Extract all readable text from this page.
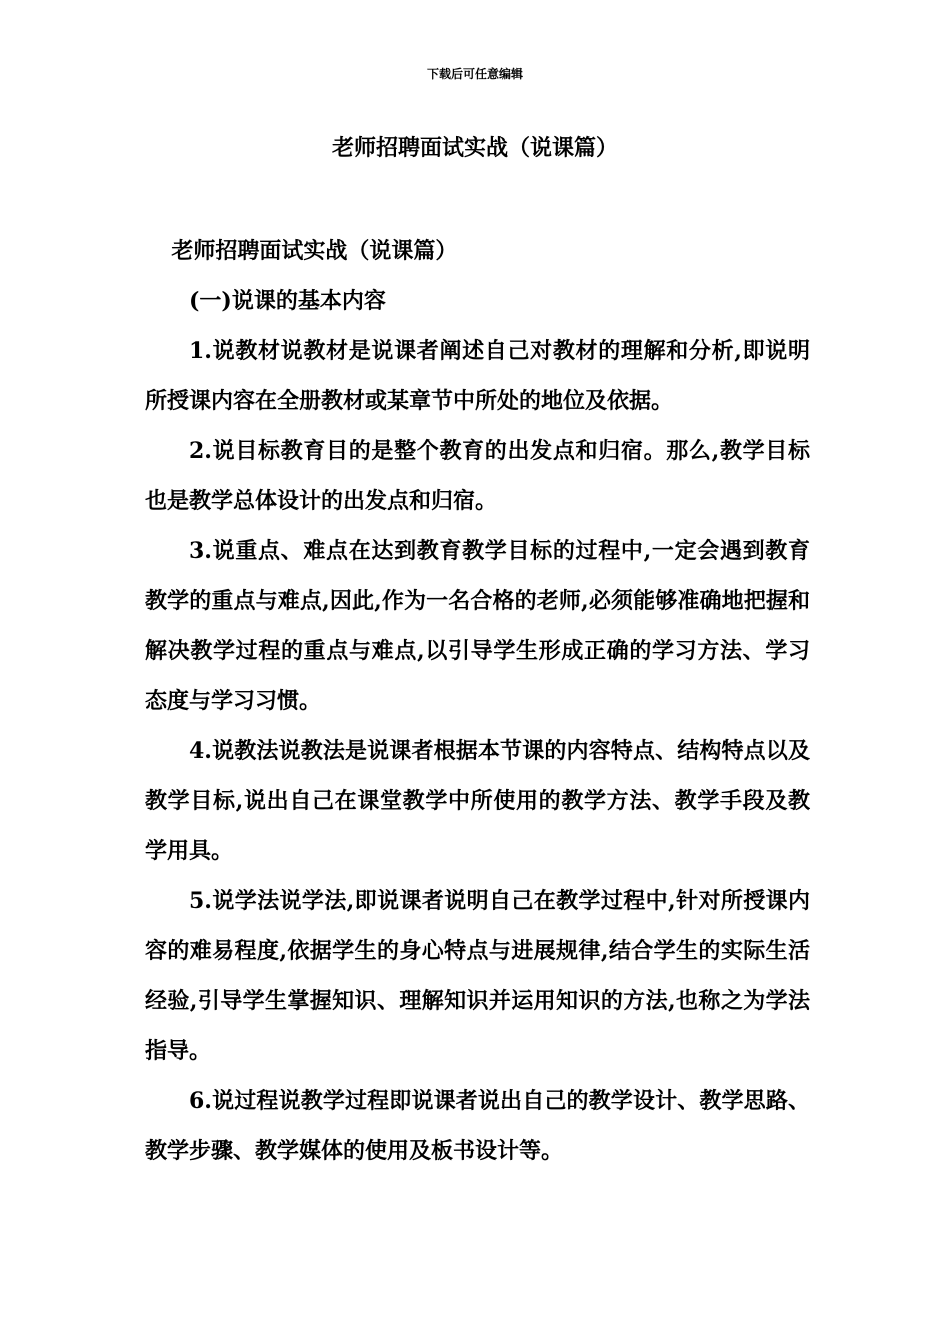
下载后可任意编辑
老师招聘面试实战（说课篇）

老师招聘面试实战（说课篇）

(一)说课的基本内容

1.说教材说教材是说课者阐述自己对教材的理解和分析,即说明所授课内容在全册教材或某章节中所处的地位及依据。

2.说目标教育目的是整个教育的出发点和归宿。那么,教学目标也是教学总体设计的出发点和归宿。

3.说重点、难点在达到教育教学目标的过程中,一定会遇到教育教学的重点与难点,因此,作为一名合格的老师,必须能够准确地把握和解决教学过程的重点与难点,以引导学生形成正确的学习方法、学习态度与学习习惯。

4.说教法说教法是说课者根据本节课的内容特点、结构特点以及教学目标,说出自己在课堂教学中所使用的教学方法、教学手段及教学用具。

5.说学法说学法,即说课者说明自己在教学过程中,针对所授课内容的难易程度,依据学生的身心特点与进展规律,结合学生的实际生活经验,引导学生掌握知识、理解知识并运用知识的方法,也称之为学法指导。

6.说过程说教学过程即说课者说出自己的教学设计、教学思路、教学步骤、教学媒体的使用及板书设计等。
